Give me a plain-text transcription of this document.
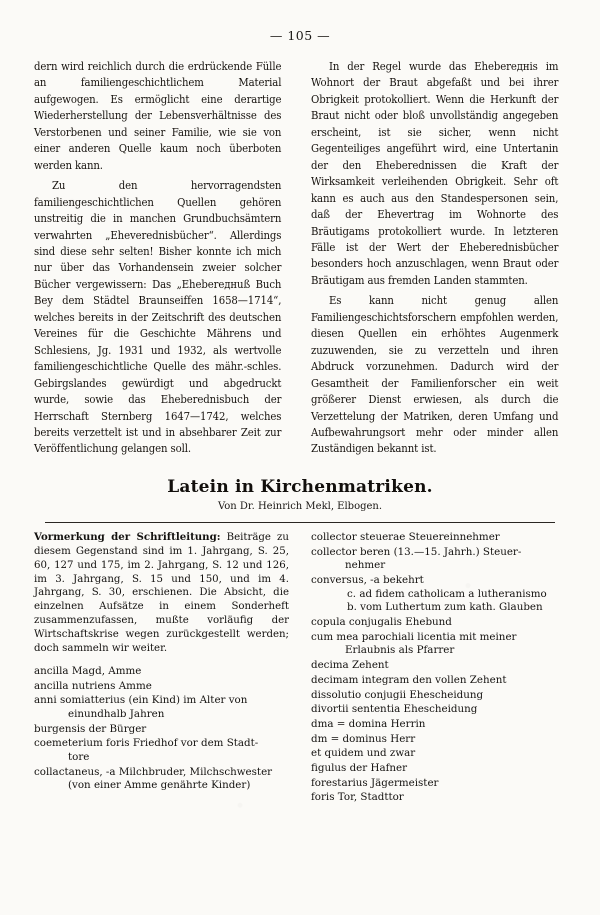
— 105 —

dern wird reichlich durch die erdrückende Fülle an familiengeschichtlichem Material aufgewogen. Es ermöglicht eine derartige Wiederherstellung der Lebensverhältnisse des Verstorbenen und seiner Familie, wie sie von einer anderen Quelle kaum noch überboten werden kann.

Zu den hervorragendsten familiengeschichtlichen Quellen gehören unstreitig die in manchen Grundbuchsämtern verwahrten „Eheverednisbücher“. Allerdings sind diese sehr selten! Bisher konnte ich mich nur über das Vorhandensein zweier solcher Bücher vergewissern: Das „Ehebereднuß Buch Bey dem Städtel Braunseiffen 1658—1714“, welches bereits in der Zeitschrift des deutschen Vereines für die Geschichte Mährens und Schlesiens, Jg. 1931 und 1932, als wertvolle familiengeschichtliche Quelle des mähr.-schles. Gebirgslandes gewürdigt und abgedruckt wurde, sowie das Eheberednisbuch der Herrschaft Sternberg 1647—1742, welches bereits verzettelt ist und in absehbarer Zeit zur Veröffentlichung gelangen soll.

In der Regel wurde das Ehebereднis im Wohnort der Braut abgefaßt und bei ihrer Obrigkeit protokolliert. Wenn die Herkunft der Braut nicht oder bloß unvollständig angegeben erscheint, ist sie sicher, wenn nicht Gegenteiliges angeführt wird, eine Untertanin der den Eheberednissen die Kraft der Wirksamkeit verleihenden Obrigkeit. Sehr oft kann es auch aus den Standespersonen sein, daß der Ehevertrag im Wohnorte des Bräutigams protokolliert wurde. In letzteren Fälle ist der Wert der Eheberednisbücher besonders hoch anzuschlagen, wenn Braut oder Bräutigam aus fremden Landen stammten.

Es kann nicht genug allen Familiengeschichtsforschern empfohlen werden, diesen Quellen ein erhöhtes Augenmerk zuzuwenden, sie zu verzetteln und ihren Abdruck vorzunehmen. Dadurch wird der Gesamtheit der Familienforscher ein weit größerer Dienst erwiesen, als durch die Verzettelung der Matriken, deren Umfang und Aufbewahrungsort mehr oder minder allen Zuständigen bekannt ist.

Latein in Kirchenmatriken.
Von Dr. Heinrich Mekl, Elbogen.
Vormerkung der Schriftleitung: Beiträge zu diesem Gegenstand sind im 1. Jahrgang, S. 25, 60, 127 und 175, im 2. Jahrgang, S. 12 und 126, im 3. Jahrgang, S. 15 und 150, und im 4. Jahrgang, S. 30, erschienen. Die Absicht, die einzelnen Aufsätze in einem Sonderheft zusammenzufassen, mußte vorläufig der Wirtschaftskrise wegen zurückgestellt werden; doch sammeln wir weiter.
ancilla Magd, Amme
ancilla nutriens Amme
anni somiatterius (ein Kind) im Alter von
einundhalb Jahren
burgensis der Bürger
coemeterium foris Friedhof vor dem Stadt-
tore
collactaneus, -a Milchbruder, Milchschwester
(von einer Amme genährte Kinder)
collector steuerae Steuereinnehmer
collector beren (13.—15. Jahrh.) Steuer-
nehmer
conversus, -a bekehrt
c. ad fidem catholicam a lutheranismo
b. vom Luthertum zum kath. Glauben
copula conjugalis Ehebund
cum mea parochiali licentia mit meiner
Erlaubnis als Pfarrer
decima Zehent
decimam integram den vollen Zehent
dissolutio conjugii Ehescheidung
divortii sententia Ehescheidung
dma = domina Herrin
dm = dominus Herr
et quidem und zwar
figulus der Hafner
forestarius Jägermeister
foris Tor, Stadttor
